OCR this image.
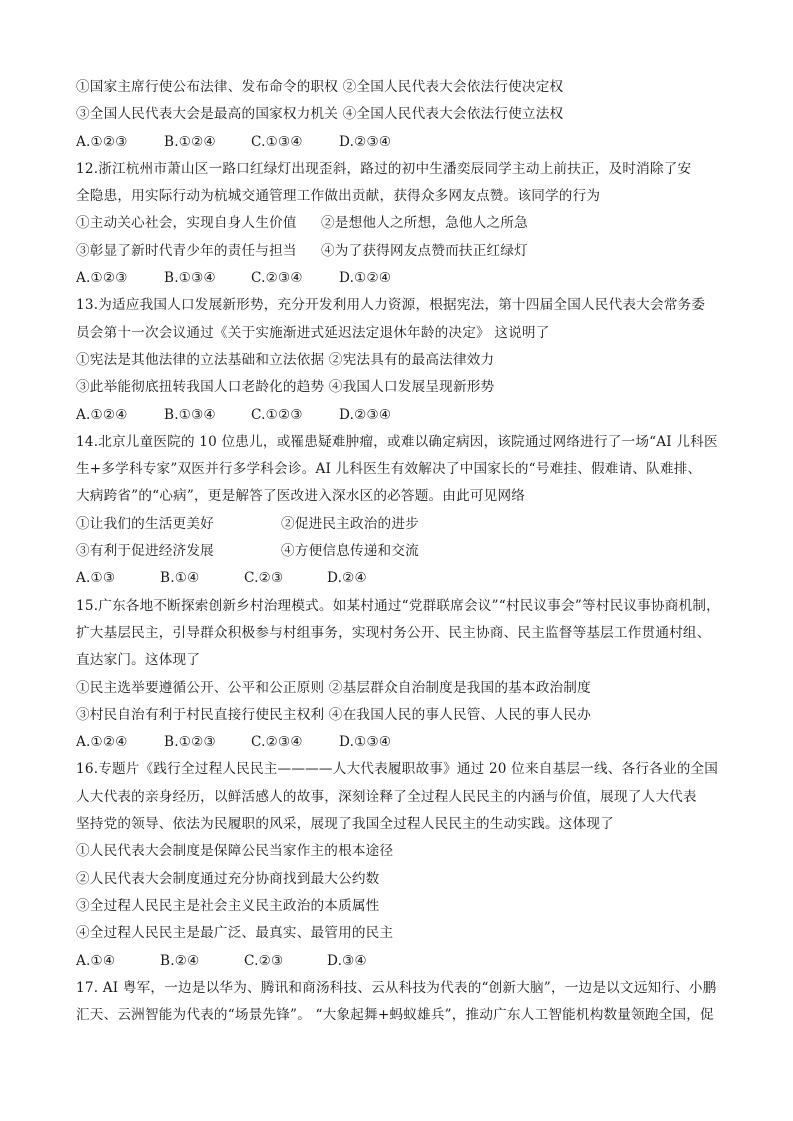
①国家主席行使公布法律、发布命令的职权 ②全国人民代表大会依法行使决定权
③全国人民代表大会是最高的国家权力机关 ④全国人民代表大会依法行使立法权
A.①②③	B.①②④	C.①③④	D.②③④
12.浙江杭州市萧山区一路口红绿灯出现歪斜，路过的初中生潘奕辰同学主动上前扶正，及时消除了安
全隐患，用实际行动为杭城交通管理工作做出贡献，获得众多网友点赞。该同学的行为
①主动关心社会，实现自身人生价值 ②是想他人之所想，急他人之所急
③彰显了新时代青少年的责任与担当 ④为了获得网友点赞而扶正红绿灯
A.①②③	B.①③④	C.②③④	D.①②④
13.为适应我国人口发展新形势，充分开发利用人力资源，根据宪法，第十四届全国人民代表大会常务委
员会第十一次会议通过《关于实施渐进式延迟法定退休年龄的决定》 这说明了
①宪法是其他法律的立法基础和立法依据 ②宪法具有的最高法律效力
③此举能彻底扭转我国人口老龄化的趋势 ④我国人口发展呈现新形势
A.①②④	B.①③④	C.①②③	D.②③④
14.北京儿童医院的 10 位患儿，或罹患疑难肿瘤，或难以确定病因，该院通过网络进行了一场“AI 儿科医
生+多学科专家”双医并行多学科会诊。AI 儿科医生有效解决了中国家长的“号难挂、假难请、队难排、
大病跨省”的“心病”，更是解答了医改进入深水区的必答题。由此可见网络
①让我们的生活更美好	②促进民主政治的进步
③有利于促进经济发展	④方便信息传递和交流
A.①③	B.①④	C.②③	D.②④
15.广东各地不断探索创新乡村治理模式。如某村通过“党群联席会议”“村民议事会”等村民议事协商机制，
扩大基层民主，引导群众积极参与村组事务，实现村务公开、民主协商、民主监督等基层工作贯通村组、
直达家门。这体现了
①民主选举要遵循公开、公平和公正原则 ②基层群众自治制度是我国的基本政治制度
③村民自治有利于村民直接行使民主权利 ④在我国人民的事人民管、人民的事人民办
A.①②④	B.①②③	C.②③④	D.①③④
16.专题片《践行全过程人民民主————人大代表履职故事》通过 20 位来自基层一线、各行各业的全国
人大代表的亲身经历，以鲜活感人的故事，深刻诠释了全过程人民民主的内涵与价值，展现了人大代表
坚持党的领导、依法为民履职的风采，展现了我国全过程人民民主的生动实践。这体现了
①人民代表大会制度是保障公民当家作主的根本途径
②人民代表大会制度通过充分协商找到最大公约数
③全过程人民民主是社会主义民主政治的本质属性
④全过程人民民主是最广泛、最真实、最管用的民主
A.①④	B.②④	C.②③	D.③④
17. AI 粤军，一边是以华为、腾讯和商汤科技、云从科技为代表的“创新大脑”，一边是以文远知行、小鹏
汇天、云洲智能为代表的“场景先锋”。 “大象起舞+蚂蚁雄兵”，推动广东人工智能机构数量领跑全国，促
